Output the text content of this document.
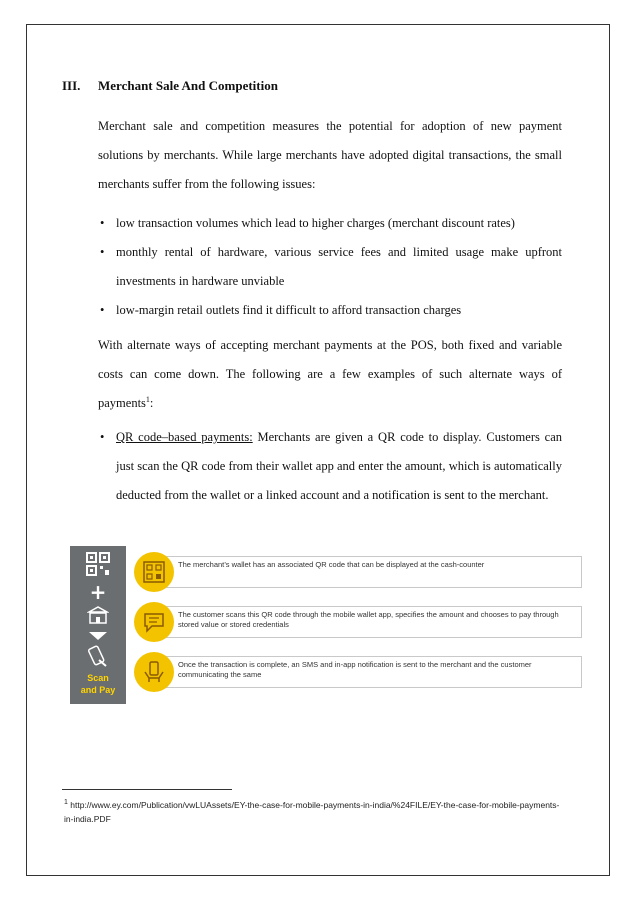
III. Merchant Sale And Competition

Merchant sale and competition measures the potential for adoption of new payment solutions by merchants. While large merchants have adopted digital transactions, the small merchants suffer from the following issues:

• low transaction volumes which lead to higher charges (merchant discount rates)
• monthly rental of hardware, various service fees and limited usage make upfront investments in hardware unviable
• low-margin retail outlets find it difficult to afford transaction charges

With alternate ways of accepting merchant payments at the POS, both fixed and variable costs can come down. The following are a few examples of such alternate ways of payments$^1$:

• QR code–based payments: Merchants are given a QR code to display. Customers can just scan the QR code from their wallet app and enter the amount, which is automatically deducted from the wallet or a linked account and a notification is sent to the merchant.
+
Scan
and Pay
The merchant’s wallet has an associated QR code that can be displayed at the cash-counter
The customer scans this QR code through the mobile wallet app, specifies the amount and chooses to pay through stored value or stored credentials
Once the transaction is complete, an SMS and in-app notification is sent to the merchant and the customer communicating the same
$^1$ http://www.ey.com/Publication/vwLUAssets/EY-the-case-for-mobile-payments-in-india/%24FILE/EY-the-case-for-mobile-payments-in-india.PDF
